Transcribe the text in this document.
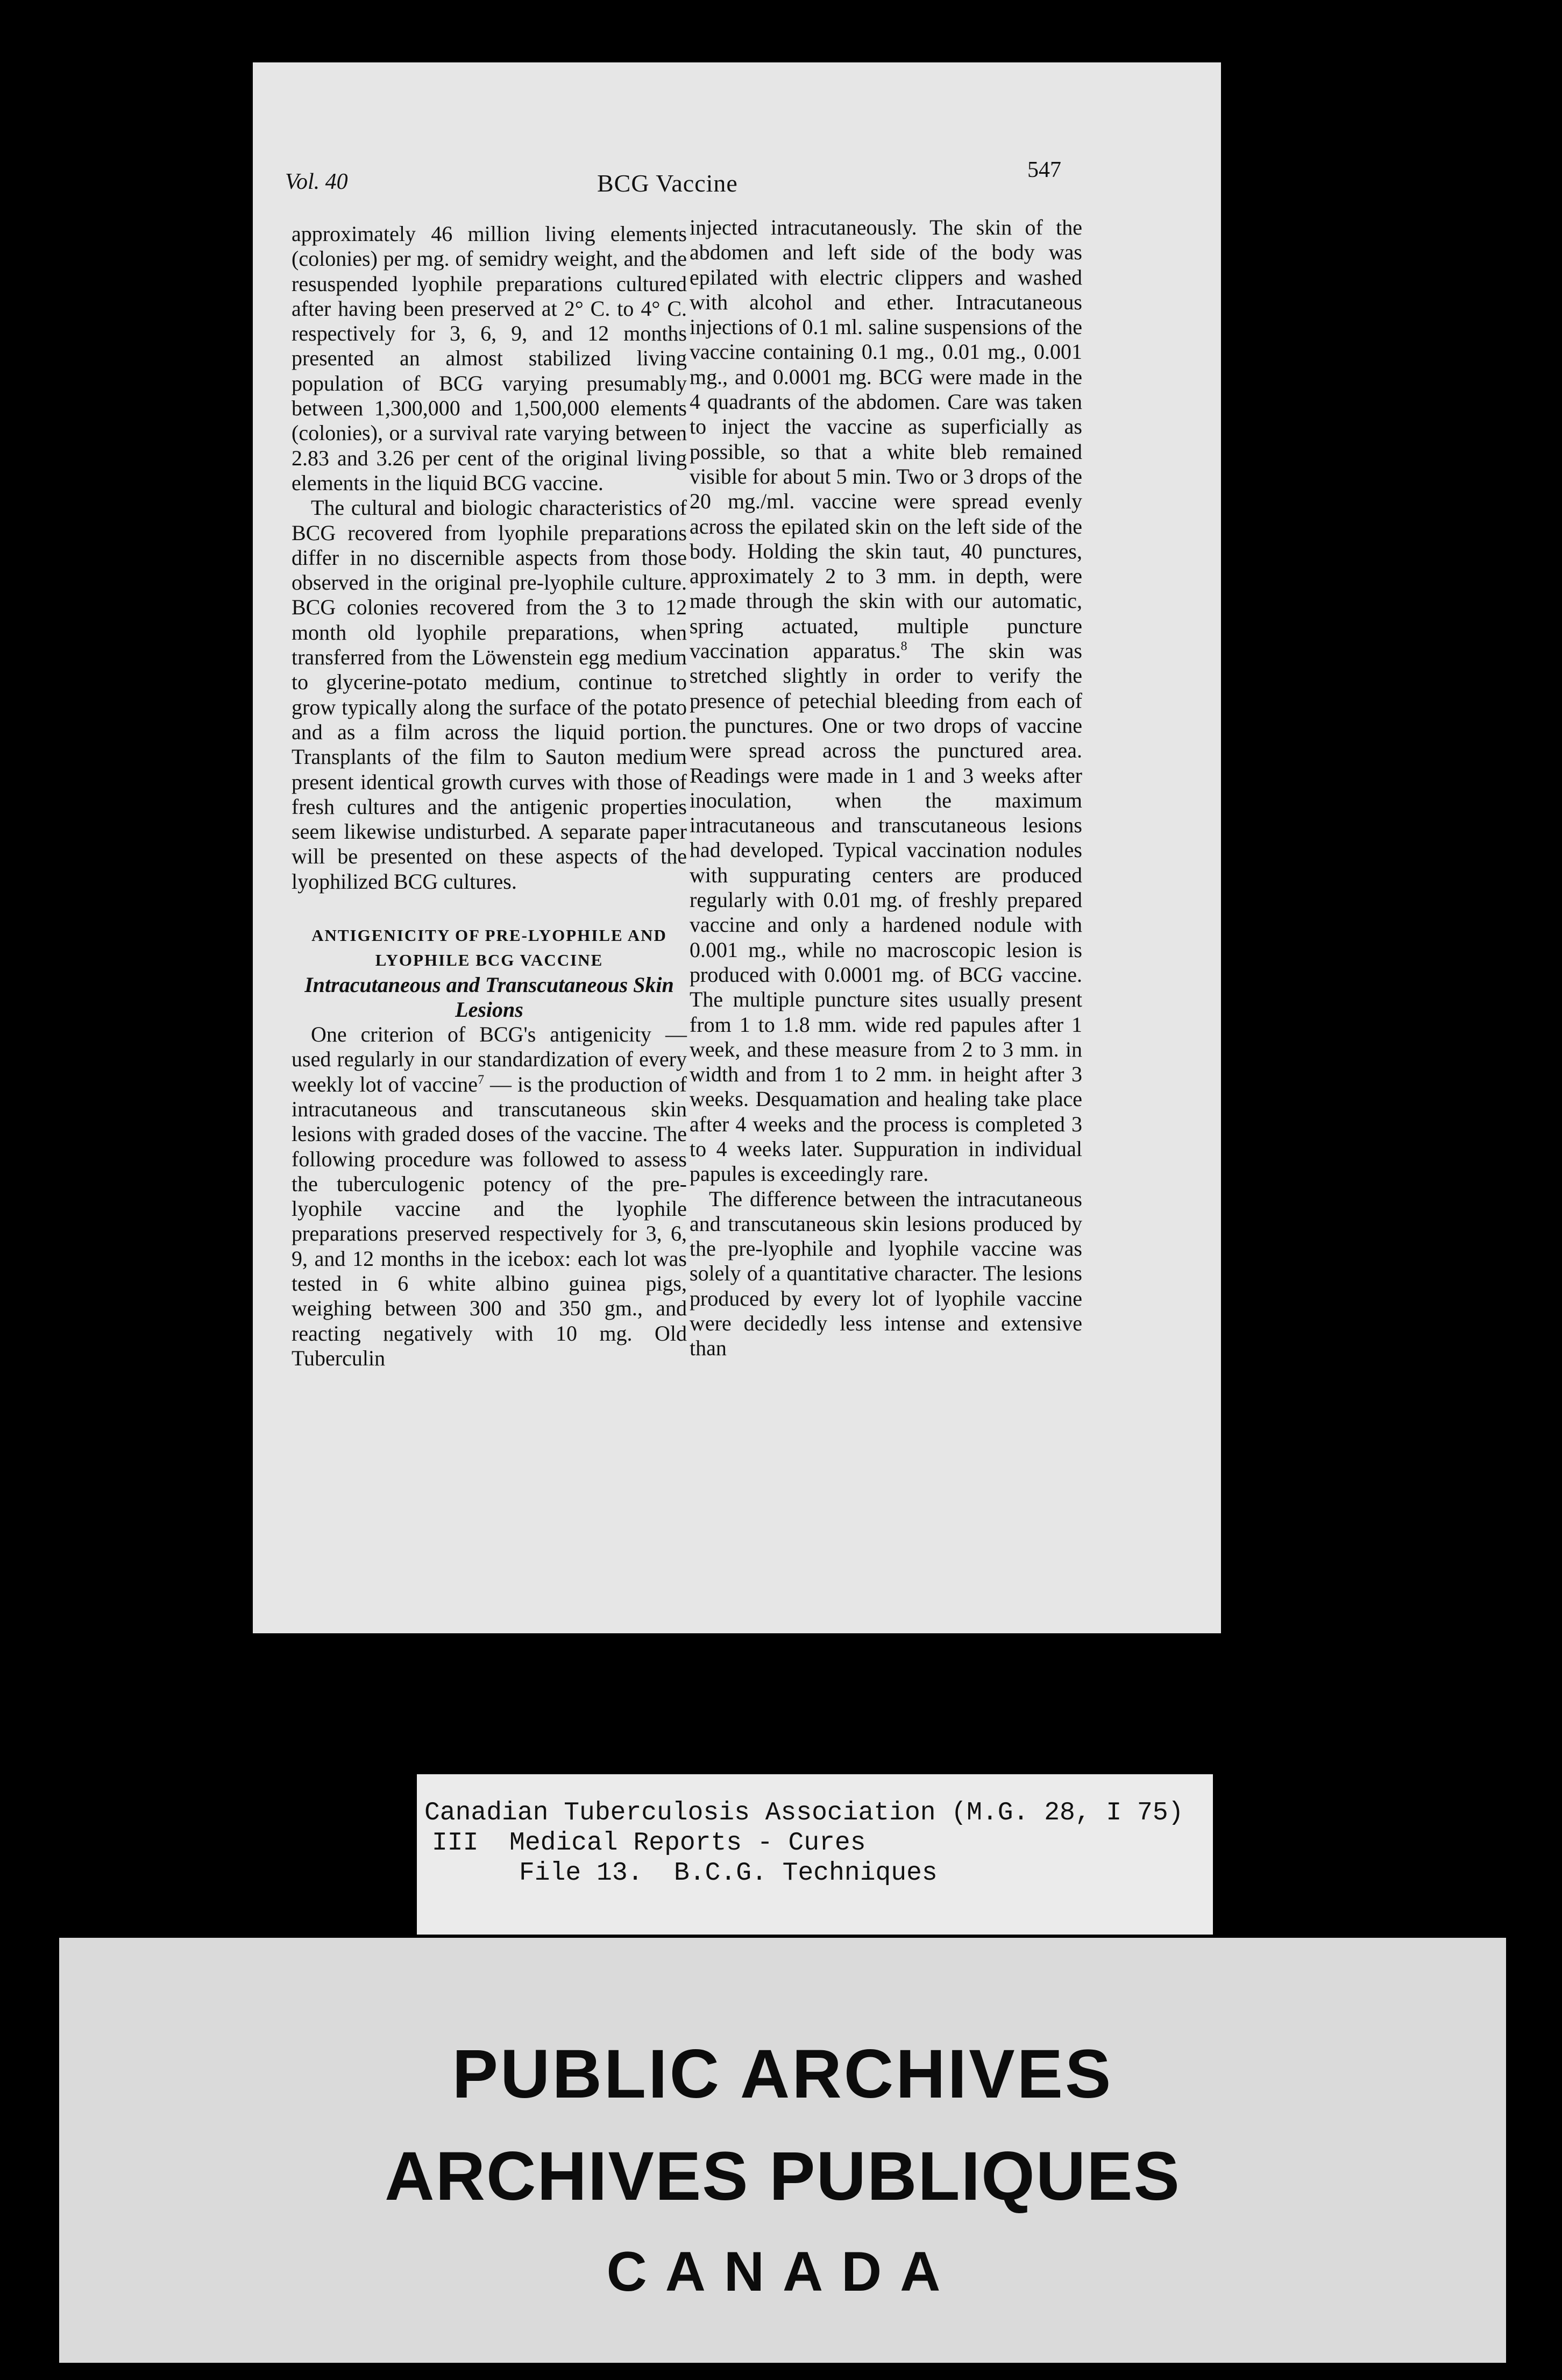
Vol. 40	BCG Vaccine	547

approximately 46 million living elements (colonies) per mg. of semidry weight, and the resuspended lyophile preparations cultured after having been preserved at 2° C. to 4° C. respectively for 3, 6, 9, and 12 months presented an almost stabilized living population of BCG varying presumably between 1,300,000 and 1,500,000 elements (colonies), or a survival rate varying between 2.83 and 3.26 per cent of the original living elements in the liquid BCG vaccine.

The cultural and biologic characteristics of BCG recovered from lyophile preparations differ in no discernible aspects from those observed in the original pre-lyophile culture. BCG colonies recovered from the 3 to 12 month old lyophile preparations, when transferred from the Löwenstein egg medium to glycerine-potato medium, continue to grow typically along the surface of the potato and as a film across the liquid portion. Transplants of the film to Sauton medium present identical growth curves with those of fresh cultures and the antigenic properties seem likewise undisturbed. A separate paper will be presented on these aspects of the lyophilized BCG cultures.

ANTIGENICITY OF PRE-LYOPHILE AND
LYOPHILE BCG VACCINE

Intracutaneous and Transcutaneous Skin Lesions

One criterion of BCG's antigenicity — used regularly in our standardization of every weekly lot of vaccine$^7$ — is the production of intracutaneous and transcutaneous skin lesions with graded doses of the vaccine. The following procedure was followed to assess the tuberculogenic potency of the pre-lyophile vaccine and the lyophile preparations preserved respectively for 3, 6, 9, and 12 months in the icebox: each lot was tested in 6 white albino guinea pigs, weighing between 300 and 350 gm., and reacting negatively with 10 mg. Old Tuberculin

injected intracutaneously. The skin of the abdomen and left side of the body was epilated with electric clippers and washed with alcohol and ether. Intracutaneous injections of 0.1 ml. saline suspensions of the vaccine containing 0.1 mg., 0.01 mg., 0.001 mg., and 0.0001 mg. BCG were made in the 4 quadrants of the abdomen. Care was taken to inject the vaccine as superficially as possible, so that a white bleb remained visible for about 5 min. Two or 3 drops of the 20 mg./ml. vaccine were spread evenly across the epilated skin on the left side of the body. Holding the skin taut, 40 punctures, approximately 2 to 3 mm. in depth, were made through the skin with our automatic, spring actuated, multiple puncture vaccination apparatus.$^8$ The skin was stretched slightly in order to verify the presence of petechial bleeding from each of the punctures. One or two drops of vaccine were spread across the punctured area. Readings were made in 1 and 3 weeks after inoculation, when the maximum intracutaneous and transcutaneous lesions had developed. Typical vaccination nodules with suppurating centers are produced regularly with 0.01 mg. of freshly prepared vaccine and only a hardened nodule with 0.001 mg., while no macroscopic lesion is produced with 0.0001 mg. of BCG vaccine. The multiple puncture sites usually present from 1 to 1.8 mm. wide red papules after 1 week, and these measure from 2 to 3 mm. in width and from 1 to 2 mm. in height after 3 weeks. Desquamation and healing take place after 4 weeks and the process is completed 3 to 4 weeks later. Suppuration in individual papules is exceedingly rare.

The difference between the intracutaneous and transcutaneous skin lesions produced by the pre-lyophile and lyophile vaccine was solely of a quantitative character. The lesions produced by every lot of lyophile vaccine were decidedly less intense and extensive than

Canadian Tuberculosis Association (M.G. 28, I 75)
III  Medical Reports - Cures
File 13.  B.C.G. Techniques
PUBLIC ARCHIVES
ARCHIVES PUBLIQUES
CANADA
